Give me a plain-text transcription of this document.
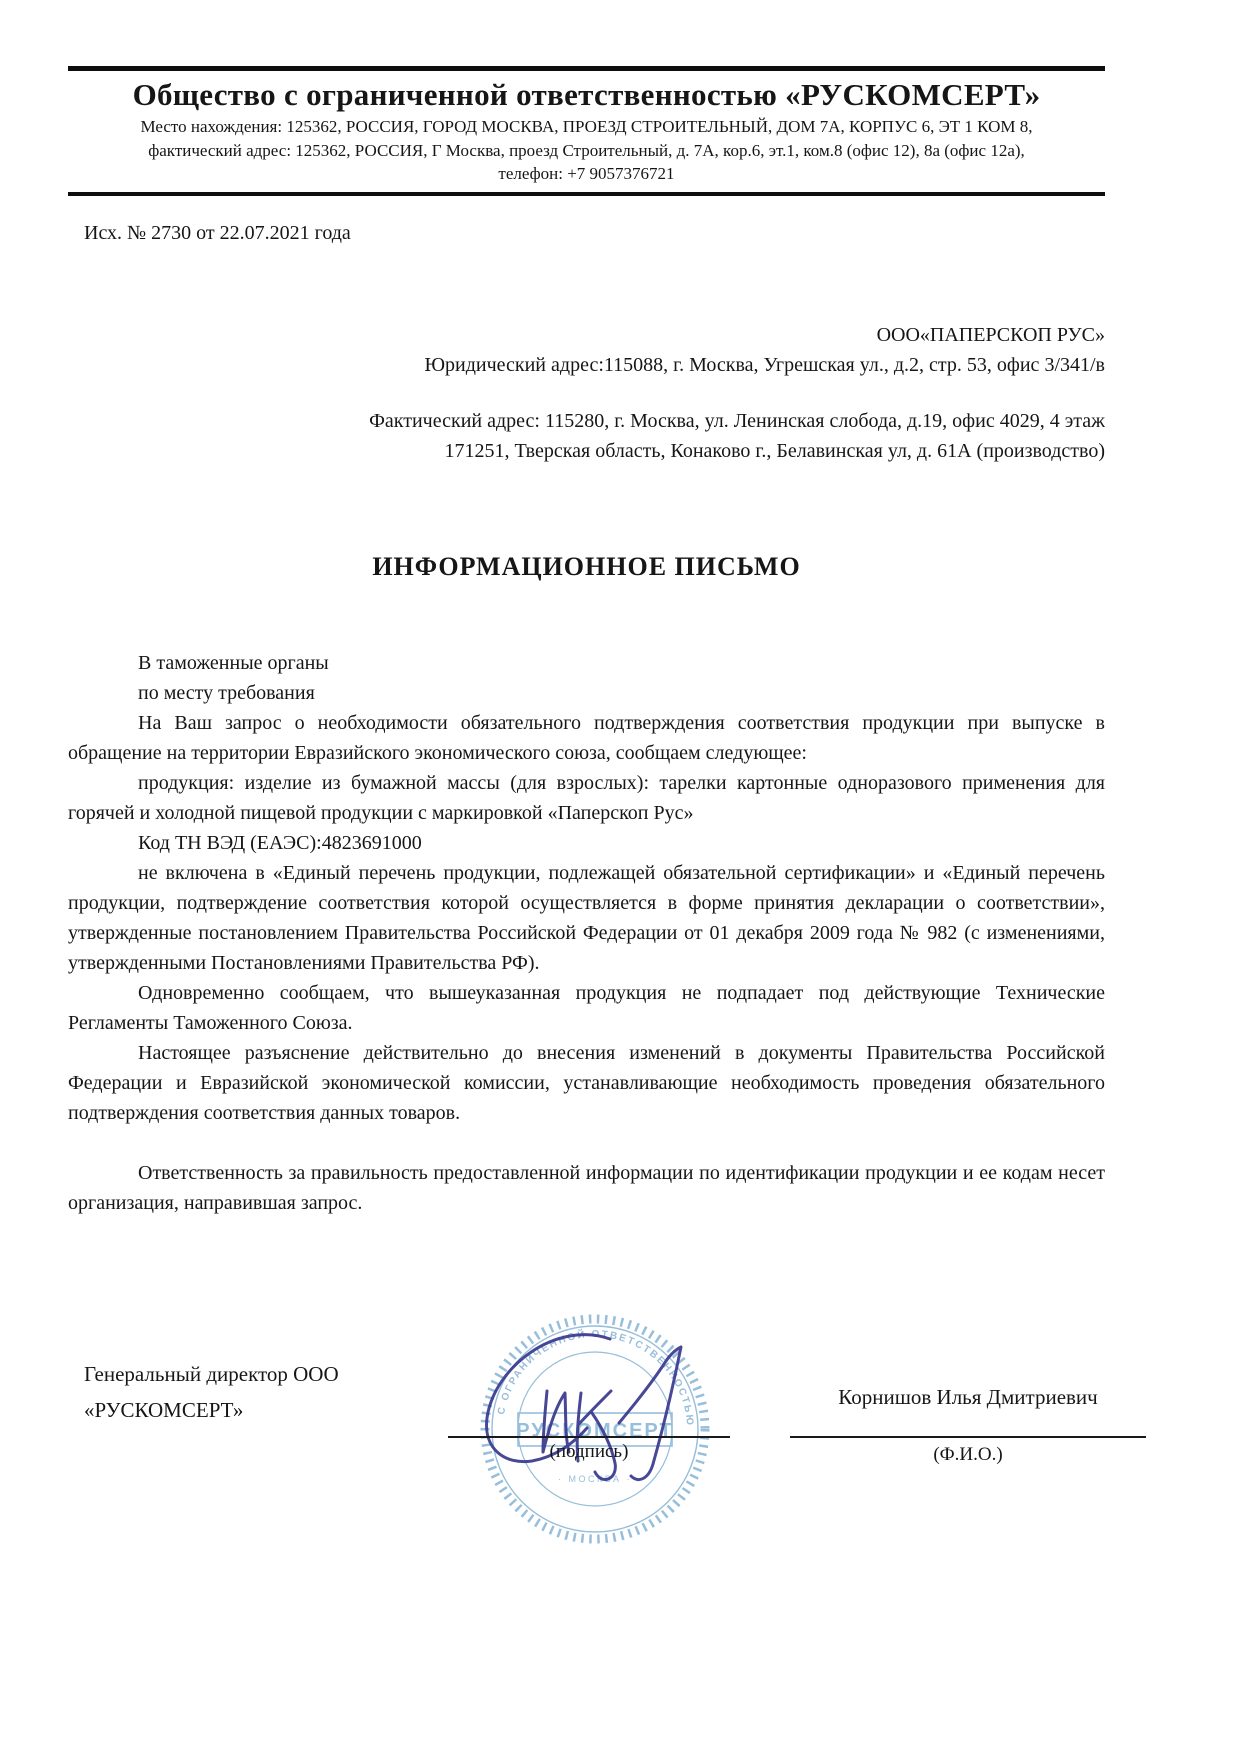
Общество с ограниченной ответственностью «РУСКОМСЕРТ»
Место нахождения: 125362, РОССИЯ, ГОРОД МОСКВА, ПРОЕЗД СТРОИТЕЛЬНЫЙ, ДОМ 7А, КОРПУС 6, ЭТ 1 КОМ 8,
фактический адрес: 125362, РОССИЯ, Г Москва, проезд Строительный, д. 7А, кор.6, эт.1, ком.8 (офис 12), 8а (офис 12а),
телефон: +7 9057376721
Исх. № 2730 от 22.07.2021 года
ООО«ПАПЕРСКОП РУС»
Юридический адрес:115088, г. Москва, Угрешская ул., д.2, стр. 53, офис 3/341/в
Фактический адрес: 115280, г. Москва, ул. Ленинская слобода, д.19, офис 4029, 4 этаж
171251, Тверская область, Конаково г., Белавинская ул, д. 61А (производство)
ИНФОРМАЦИОННОЕ ПИСЬМО
В таможенные органы
по месту требования

На Ваш запрос о необходимости обязательного подтверждения соответствия продукции при выпуске в обращение на территории Евразийского экономического союза, сообщаем следующее:

продукция: изделие из бумажной массы (для взрослых): тарелки картонные одноразового применения для горячей и холодной пищевой продукции с маркировкой «Паперскоп Рус»

Код ТН ВЭД (ЕАЭС):4823691000

не включена в «Единый перечень продукции, подлежащей обязательной сертификации» и «Единый перечень продукции, подтверждение соответствия которой осуществляется в форме принятия декларации о соответствии», утвержденные постановлением Правительства Российской Федерации от 01 декабря 2009 года № 982 (с изменениями, утвержденными Постановлениями Правительства РФ).

Одновременно сообщаем, что вышеуказанная продукция не подпадает под действующие Технические Регламенты Таможенного Союза.

Настоящее разъяснение действительно до внесения изменений в документы Правительства Российской Федерации и Евразийской экономической комиссии, устанавливающие необходимость проведения обязательного подтверждения соответствия данных товаров.

Ответственность за правильность предоставленной информации по идентификации продукции и ее кодам несет организация, направившая запрос.

Генеральный директор ООО
«РУСКОМСЕРТ»	С ОГРАНИЧЕННОЙ ОТВЕТСТВЕННОСТЬЮ
РУСКОМСЕРТ
· МОСКВА ·
(подпись)
Корнишов Илья Дмитриевич
(Ф.И.О.)
